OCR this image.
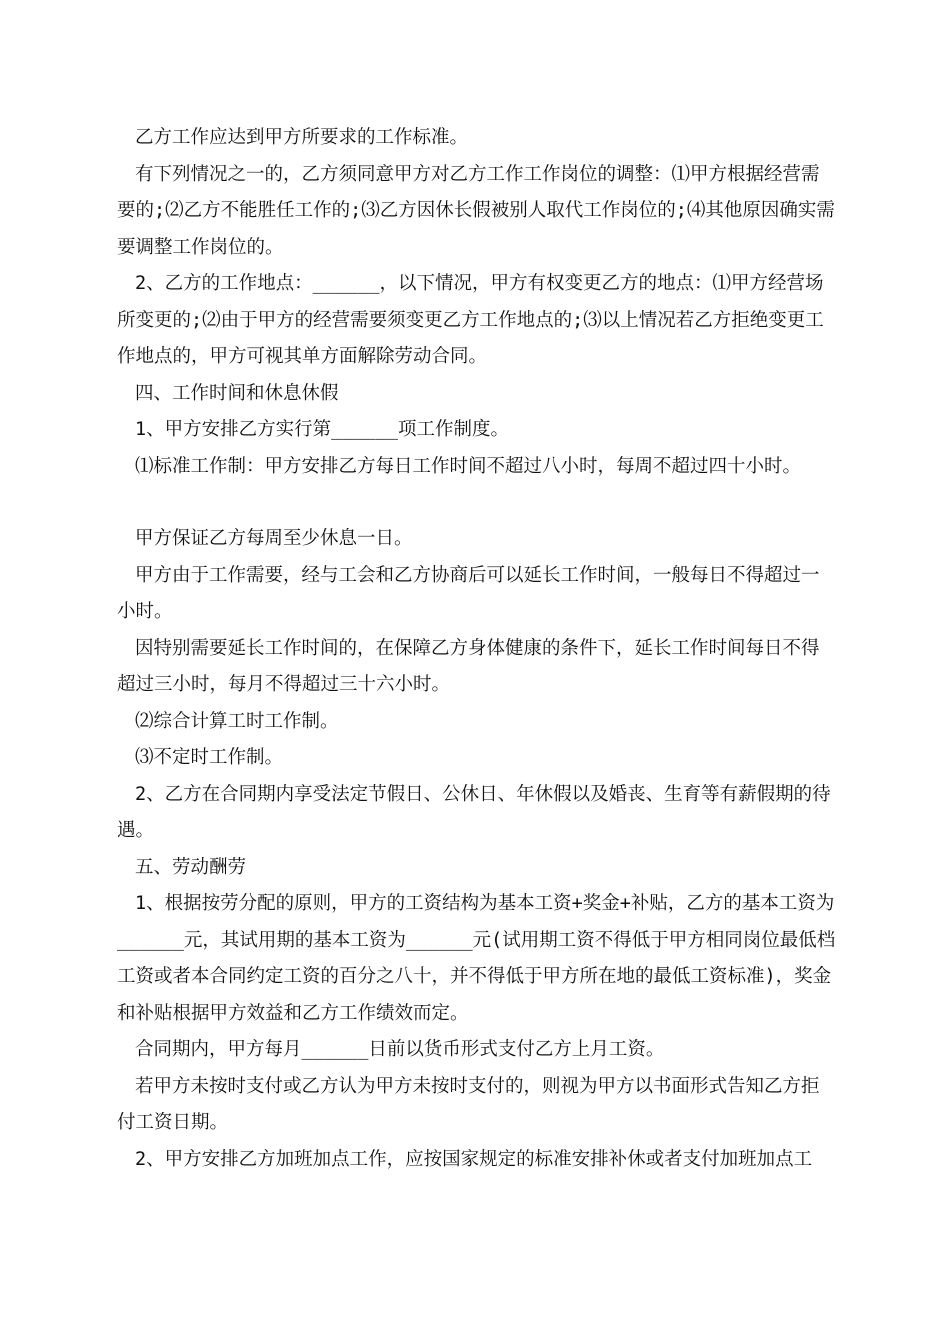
乙方工作应达到甲方所要求的工作标准。

有下列情况之一的，乙方须同意甲方对乙方工作工作岗位的调整：⑴甲方根据经营需要的;⑵乙方不能胜任工作的;⑶乙方因休长假被别人取代工作岗位的;⑷其他原因确实需要调整工作岗位的。

2、乙方的工作地点：______，以下情况，甲方有权变更乙方的地点：⑴甲方经营场所变更的;⑵由于甲方的经营需要须变更乙方工作地点的;⑶以上情况若乙方拒绝变更工作地点的，甲方可视其单方面解除劳动合同。

四、工作时间和休息休假

1、甲方安排乙方实行第______项工作制度。

⑴标准工作制：甲方安排乙方每日工作时间不超过八小时，每周不超过四十小时。

甲方保证乙方每周至少休息一日。

甲方由于工作需要，经与工会和乙方协商后可以延长工作时间，一般每日不得超过一小时。

因特别需要延长工作时间的，在保障乙方身体健康的条件下，延长工作时间每日不得超过三小时，每月不得超过三十六小时。

⑵综合计算工时工作制。

⑶不定时工作制。

2、乙方在合同期内享受法定节假日、公休日、年休假以及婚丧、生育等有薪假期的待遇。

五、劳动酬劳

1、根据按劳分配的原则，甲方的工资结构为基本工资+奖金+补贴，乙方的基本工资为______元，其试用期的基本工资为______元(试用期工资不得低于甲方相同岗位最低档工资或者本合同约定工资的百分之八十，并不得低于甲方所在地的最低工资标准)，奖金和补贴根据甲方效益和乙方工作绩效而定。

合同期内，甲方每月______日前以货币形式支付乙方上月工资。

若甲方未按时支付或乙方认为甲方未按时支付的，则视为甲方以书面形式告知乙方拒付工资日期。

2、甲方安排乙方加班加点工作，应按国家规定的标准安排补休或者支付加班加点工
